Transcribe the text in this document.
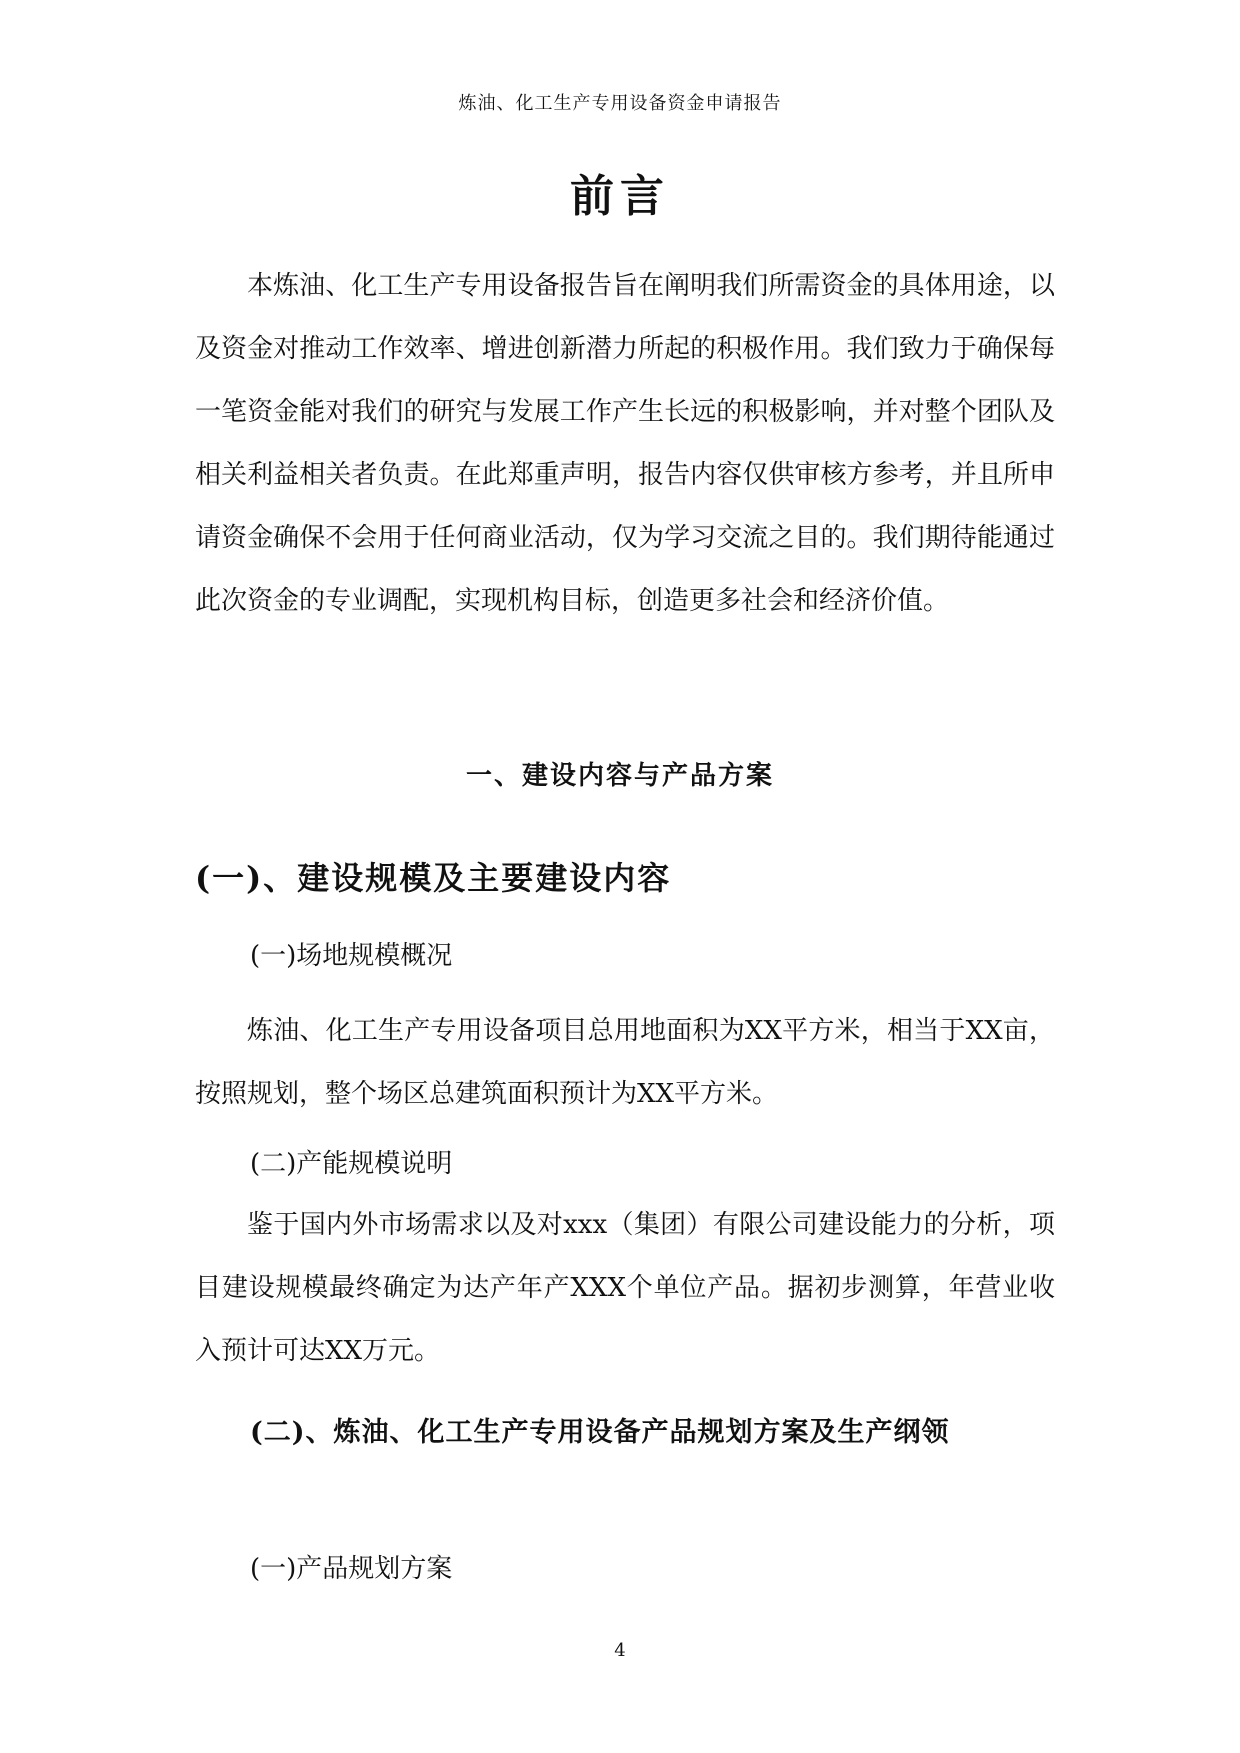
炼油、化工生产专用设备资金申请报告
前言

本炼油、化工生产专用设备报告旨在阐明我们所需资金的具体用途，以及资金对推动工作效率、增进创新潜力所起的积极作用。我们致力于确保每一笔资金能对我们的研究与发展工作产生长远的积极影响，并对整个团队及相关利益相关者负责。在此郑重声明，报告内容仅供审核方参考，并且所申请资金确保不会用于任何商业活动，仅为学习交流之目的。我们期待能通过此次资金的专业调配，实现机构目标，创造更多社会和经济价值。

一、建设内容与产品方案
(一)、建设规模及主要建设内容
(一)场地规模概况

炼油、化工生产专用设备项目总用地面积为XX平方米，相当于XX亩，按照规划，整个场区总建筑面积预计为XX平方米。

(二)产能规模说明

鉴于国内外市场需求以及对xxx（集团）有限公司建设能力的分析，项目建设规模最终确定为达产年产XXX个单位产品。据初步测算，年营业收入预计可达XX万元。

(二)、炼油、化工生产专用设备产品规划方案及生产纲领
(一)产品规划方案
4
